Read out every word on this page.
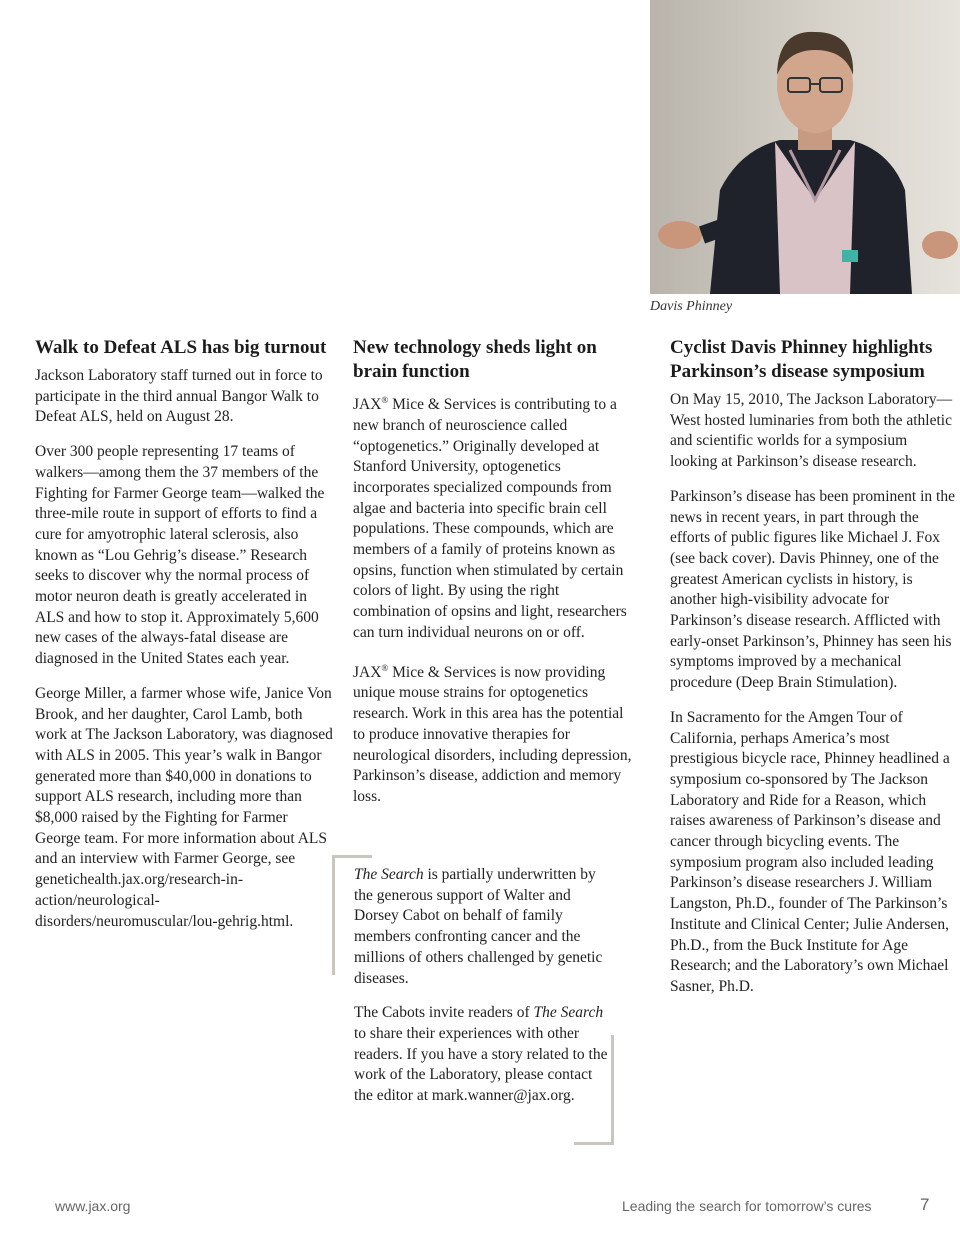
Davis Phinney
Walk to Defeat ALS has big turnout

Jackson Laboratory staff turned out in force to participate in the third annual Bangor Walk to Defeat ALS, held on August 28.

Over 300 people representing 17 teams of walkers—among them the 37 members of the Fighting for Farmer George team—walked the three-mile route in support of efforts to find a cure for amyotrophic lateral sclerosis, also known as “Lou Gehrig’s disease.” Research seeks to discover why the normal process of motor neuron death is greatly accelerated in ALS and how to stop it. Approximately 5,600 new cases of the always-fatal disease are diagnosed in the United States each year.

George Miller, a farmer whose wife, Janice Von Brook, and her daughter, Carol Lamb, both work at The Jackson Laboratory, was diagnosed with ALS in 2005. This year’s walk in Bangor generated more than $40,000 in donations to support ALS research, including more than $8,000 raised by the Fighting for Farmer George team. For more information about ALS and an interview with Farmer George, see genetichealth.jax.org/research-in-action/neurological-disorders/neuromuscular/lou-gehrig.html.

New technology sheds light on brain function

JAX® Mice & Services is contributing to a new branch of neuroscience called “optogenetics.” Originally developed at Stanford University, optogenetics incorporates specialized compounds from algae and bacteria into specific brain cell populations. These compounds, which are members of a family of proteins known as opsins, function when stimulated by certain colors of light. By using the right combination of opsins and light, researchers can turn individual neurons on or off.

JAX® Mice & Services is now providing unique mouse strains for optogenetics research. Work in this area has the potential to produce innovative therapies for neurological disorders, including depression, Parkinson’s disease, addiction and memory loss.

The Search is partially underwritten by the generous support of Walter and Dorsey Cabot on behalf of family members confronting cancer and the millions of others challenged by genetic diseases.

The Cabots invite readers of The Search to share their experiences with other readers. If you have a story related to the work of the Laboratory, please contact the editor at mark.wanner@jax.org.

Cyclist Davis Phinney highlights Parkinson’s disease symposium

On May 15, 2010, The Jackson Laboratory—West hosted luminaries from both the athletic and scientific worlds for a symposium looking at Parkinson’s disease research.

Parkinson’s disease has been prominent in the news in recent years, in part through the efforts of public figures like Michael J. Fox (see back cover). Davis Phinney, one of the greatest American cyclists in history, is another high-visibility advocate for Parkinson’s disease research. Afflicted with early-onset Parkinson’s, Phinney has seen his symptoms improved by a mechanical procedure (Deep Brain Stimulation).

In Sacramento for the Amgen Tour of California, perhaps America’s most prestigious bicycle race, Phinney headlined a symposium co-sponsored by The Jackson Laboratory and Ride for a Reason, which raises awareness of Parkinson’s disease and cancer through bicycling events. The symposium program also included leading Parkinson’s disease researchers J. William Langston, Ph.D., founder of The Parkinson’s Institute and Clinical Center; Julie Andersen, Ph.D., from the Buck Institute for Age Research; and the Laboratory’s own Michael Sasner, Ph.D.

www.jax.org	Leading the search for tomorrow’s cures	7
